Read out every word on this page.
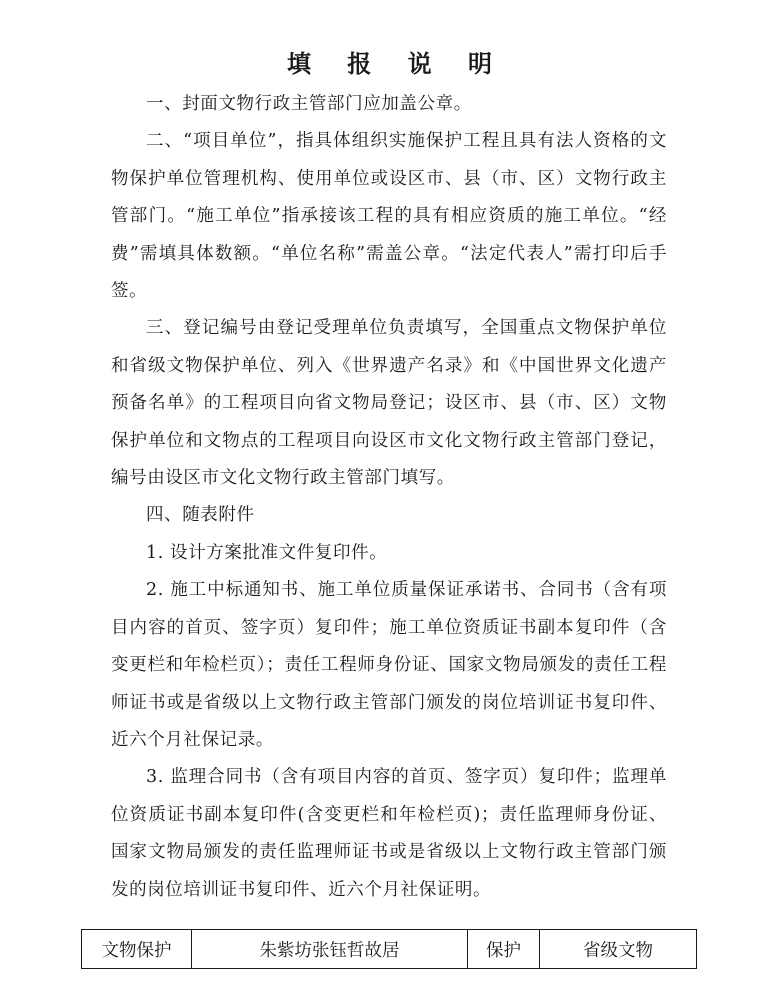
填 报 说 明

一、封面文物行政主管部门应加盖公章。

二、“项目单位”，指具体组织实施保护工程且具有法人资格的文物保护单位管理机构、使用单位或设区市、县（市、区）文物行政主管部门。“施工单位”指承接该工程的具有相应资质的施工单位。“经费”需填具体数额。“单位名称”需盖公章。“法定代表人”需打印后手签。

三、登记编号由登记受理单位负责填写，全国重点文物保护单位和省级文物保护单位、列入《世界遗产名录》和《中国世界文化遗产预备名单》的工程项目向省文物局登记；设区市、县（市、区）文物保护单位和文物点的工程项目向设区市文化文物行政主管部门登记，编号由设区市文化文物行政主管部门填写。

四、随表附件

1. 设计方案批准文件复印件。

2. 施工中标通知书、施工单位质量保证承诺书、合同书（含有项目内容的首页、签字页）复印件；施工单位资质证书副本复印件（含变更栏和年检栏页）；责任工程师身份证、国家文物局颁发的责任工程师证书或是省级以上文物行政主管部门颁发的岗位培训证书复印件、近六个月社保记录。

3. 监理合同书（含有项目内容的首页、签字页）复印件；监理单位资质证书副本复印件(含变更栏和年检栏页)；责任监理师身份证、国家文物局颁发的责任监理师证书或是省级以上文物行政主管部门颁发的岗位培训证书复印件、近六个月社保证明。

文物保护	朱紫坊张钰哲故居	保护	省级文物
